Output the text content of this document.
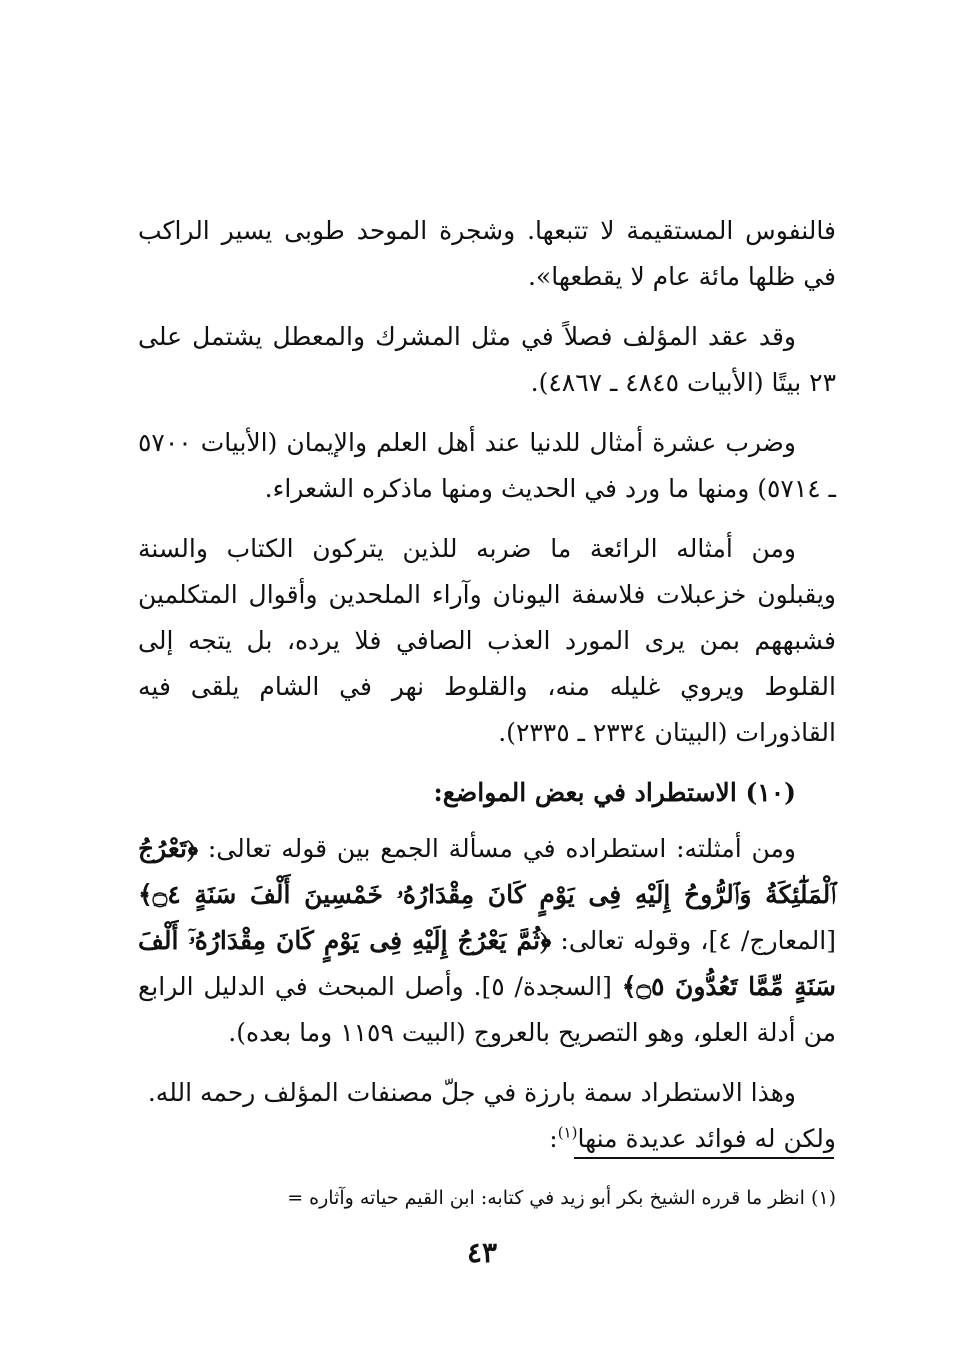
فالنفوس المستقيمة لا تتبعها. وشجرة الموحد طوبى يسير الراكب في ظلها مائة عام لا يقطعها».

وقد عقد المؤلف فصلاً في مثل المشرك والمعطل يشتمل على ٢٣ بيتًا (الأبيات ٤٨٤٥ ـ ٤٨٦٧).

وضرب عشرة أمثال للدنيا عند أهل العلم والإيمان (الأبيات ٥٧٠٠ ـ ٥٧١٤) ومنها ما ورد في الحديث ومنها ماذكره الشعراء.

ومن أمثاله الرائعة ما ضربه للذين يتركون الكتاب والسنة ويقبلون خزعبلات فلاسفة اليونان وآراء الملحدين وأقوال المتكلمين فشبههم بمن يرى المورد العذب الصافي فلا يرده، بل يتجه إلى القلوط ويروي غليله منه، والقلوط نهر في الشام يلقى فيه القاذورات (البيتان ٢٣٣٤ ـ ٢٣٣٥).

(١٠) الاستطراد في بعض المواضع:

ومن أمثلته: استطراده في مسألة الجمع بين قوله تعالى: ﴿تَعْرُجُ ٱلْمَلَٰٓئِكَةُ وَٱلرُّوحُ إِلَيْهِ فِى يَوْمٍ كَانَ مِقْدَارُهُۥ خَمْسِينَ أَلْفَ سَنَةٍ ۝٤﴾ [المعارج/ ٤]، وقوله تعالى: ﴿ثُمَّ يَعْرُجُ إِلَيْهِ فِى يَوْمٍ كَانَ مِقْدَارُهُۥٓ أَلْفَ سَنَةٍ مِّمَّا تَعُدُّونَ ۝٥﴾ [السجدة/ ٥]. وأصل المبحث في الدليل الرابع من أدلة العلو، وهو التصريح بالعروج (البيت ١١٥٩ وما بعده).

وهذا الاستطراد سمة بارزة في جلّ مصنفات المؤلف رحمه الله.
ولكن له فوائد عديدة منها$^{(١)}$:

(١) انظر ما قرره الشيخ بكر أبو زيد في كتابه: ابن القيم حياته وآثاره =
٤٣
